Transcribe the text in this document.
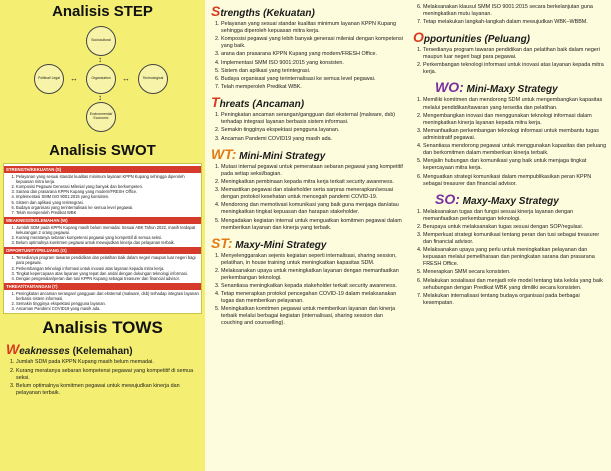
Analisis STEP
Sociocultural
Political/ Legal	Organization	Technological
Environmental/ Economic
↕
↔	↔
↕
Analisis SWOT
STRENGTH/KEKUATAN (S)
1. Pelayanan yang sesuai standar kualitas minimum layanan KPPN Kupang sehingga diperoleh kepuasan mitra kerja.
2. Komposisi Pegawai Generasi Milenial yang banyak dan berkompeten.
3. Sarana dan prasarana KPPN Kupang yang modern/FRESH Office.
4. Implementasi SMM ISO 9001:2015 yang konsisten.
5. Sistem dan aplikasi yang terintegrasi.
6. Budaya organisasi yang terinternalisasi ke semua level pegawai.
7. Telah memperoleh Predikat WBK
WEAKNESS/KELEMAHAN (W)
1. Jumlah SDM pada KPPN Kupang masih belum memadai. Sesuai ABK Tahun 2022, masih terdapat kekurangan 2 orang pegawai.
2. Kurang meratanya sebaran kompetensi pegawai yang kompetitif di semua seksi.
3. Belum optimalnya komitmen pegawai untuk mewujudkan kinerja dan pelayanan terbaik.
OPPORTUNITY/PELUANG (O)
1. Tersedianya program tawaran pendidikan dan pelatihan baik dalam negeri maupun luar negeri bagi para pegawai.
2. Perkembangan teknologi informasi untuk inovasi atas layanan kepada mitra kerja.
3. Tingkat kepercayaan atas layanan yang tepat dan andal dengan dukungan teknologi informasi.
4. Dengan pengenalan/peran dan tusi KPPN Kupang sebagai treasurer dan financial advisor.
THREAT/TANTANGAN (T)
1. Peningkatan ancaman serangan/ gangguan dari eksternal (malware, dsb) terhadap integrasi layanan berbasis sistem informasi.
2. Semakin tingginya ekspektasi pengguna layanan.
3. Ancaman Pandemi COVID19 yang masih ada.
Analisis TOWS
Weaknesses (Kelemahan)
1. Jumlah SDM pada KPPN Kupang masih belum memadai.
2. Kurang meratanya sebaran kompetensi pegawai yang kompetitif di semua seksi.
3. Belum optimalnya komitmen pegawai untuk mewujudkan kinerja dan pelayanan terbaik.
Strengths (Kekuatan)
1. Pelayanan yang sesuai standar kualitas minimum layanan KPPN Kupang sehingga diperoleh kepuasan mitra kerja.
2. Komposisi pegawai yang lebih banyak generasi milenial dengan kompetensi yang baik.
3. arana dan prasarana KPPN Kupang yang modern/FRESH Office.
4. Implementasi SMM ISO 9001:2015 yang konsisten.
5. Sistem dan aplikasi yang terintegrasi.
6. Budaya organisasi yang terinternalisasi ke semua level pegawai.
7. Telah memperoleh Predikat WBK.
Threats (Ancaman)
1. Peningkatan ancaman serangan/gangguan dari eksternal (malware, dsb) terhadap integrasi layanan berbasis sistem informasi.
2. Semakin tingginya ekspektasi pengguna layanan.
3. Ancaman Pandemi COVID19 yang masih ada.
WT: Mini-Mini Strategy
1. Mutasi internal pegawai untuk pemerataan sebaran pegawai yang kompetitif pada setiap seksi/bagian.
2. Meningkatkan pembinaan kepada mitra kerja terkait security awareness.
3. Memastikan pegawai dan stakeholder serta sarpras menerapkan/sesuai dengan protokol kesehatan untuk mencegah pandemi COVID-19.
4. Mendorong dan memotivasi komunikasi yang baik guna menjaga dan/atau meningkatkan tingkat kepuasan dan harapan stakeholder.
5. Mengadakan kegiatan internal untuk menguatkan komitmen pegawai dalam memberikan layanan dan kinerja yang terbaik.
ST: Maxy-Mini Strategy
1. Menyelenggarakan sejenis kegiatan seperti internalisasi, sharing session, pelatihan, in house training untuk meningkatkan kapasitas SDM.
2. Melaksanakan upaya untuk meningkatkan layanan dengan memanfaatkan perkembangan teknologi.
3. Senantiasa meningkatkan kepada stakeholder terkait security awareness.
4. Tetap menerapkan protokol pencegahan COVID-19 dalam melaksanakan tugas dan memberikan pelayanan.
5. Meningkatkan komitmen pegawai untuk memberikan layanan dan kinerja terbaik melalui berbagai kegiatan (internalisasi, sharing session dan couching and counselling).
6. Melaksanakan klausul SMM ISO 9001:2015 secara berkelanjutan guna meningkatkan mutu layanan.
7. Tetap melakukan langkah-langkah dalam mewujudkan WBK–WBBM.
Opportunities (Peluang)
1. Tersedianya program tawaran pendidikan dan pelatihan baik dalam negeri maupun luar negeri bagi para pegawai.
2. Perkembangan teknologi informasi untuk inovasi atas layanan kepada mitra kerja.
WO: Mini-Maxy Strategy
1. Memiliki komitmen dan mendorong SDM untuk mengembangkan kapasitas melalui pendidikan/tawaran yang tersedia dan pelatihan.
2. Mengembangkan inovasi dan menggunakan teknologi informasi dalam meningkatkan kinerja layanan kepada mitra kerja.
3. Memanfaatkan perkembangan teknologi informasi untuk membantu tugas administratif pegawai.
4. Senantiasa mendorong pegawai untuk menggunakan kapasitas dan peluang dan berkomitmen dalam memberikan kinerja terbaik.
5. Menjalin hubungan dan komunikasi yang baik untuk menjaga tingkat kepercayaan mitra kerja.
6. Menguatkan strategi komunikasi dalam mempublikasikan peran KPPN sebagai treasurer dan financial advisor.
SO: Maxy-Maxy Strategy
1. Melaksanakan tugas dan fungsi sesuai kinerja layanan dengan memanfaatkan perkembangan teknologi.
2. Berupaya untuk melaksanakan tugas sesuai dengan SOP/regulasi.
3. Memperkuat strategi komunikasi tentang peran dan tusi sebagai treasurer dan financial advisor.
4. Melaksanakan upaya yang perlu untuk meningkatkan pelayanan dan kepuasan melalui pemeliharaan dan peningkatan sarana dan prasarana FRESH Office.
5. Menerapkan SMM secara konsisten.
6. Melakukan sosialisasi dan menjadi role model tentang tata kelola yang baik sehubungan dengan Predikat WBK yang dimiliki secara konsisten.
7. Melakukan internalisasi tentang budaya organisasi pada berbagai kesempatan.
